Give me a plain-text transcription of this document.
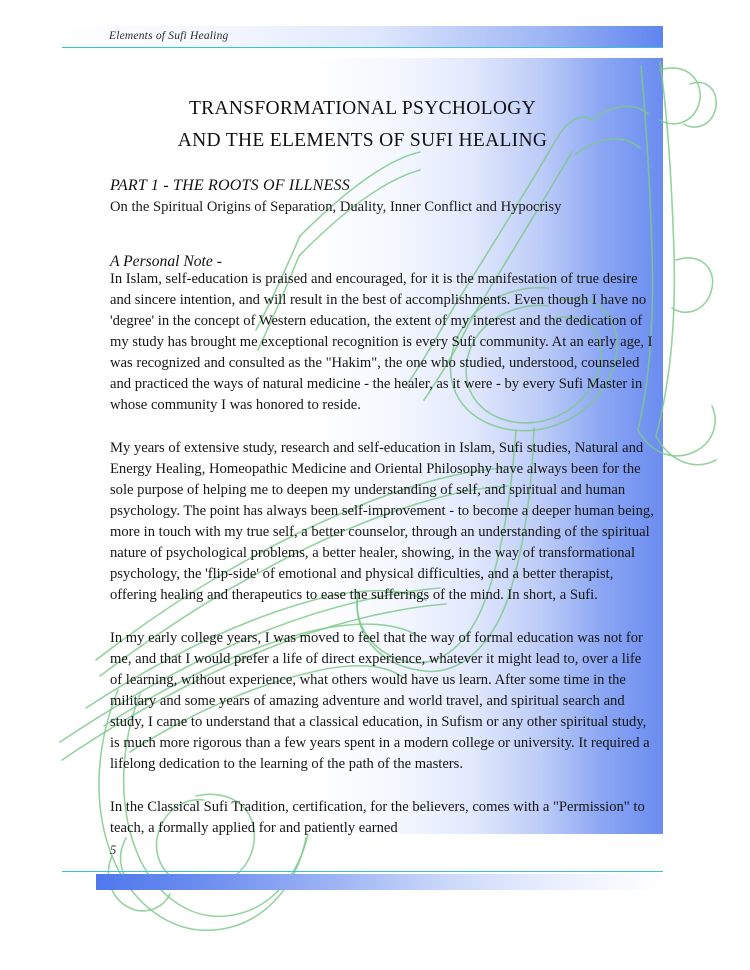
Elements of Sufi Healing
TRANSFORMATIONAL PSYCHOLOGY
AND THE ELEMENTS OF SUFI HEALING
PART 1 - THE ROOTS OF ILLNESS
On the Spiritual Origins of Separation, Duality, Inner Conflict and Hypocrisy
A Personal Note -
In Islam, self-education is praised and encouraged, for it is the manifestation of true desire and sincere intention, and will result in the best of accomplishments. Even though I have no 'degree' in the concept of Western education, the extent of my interest and the dedication of my study has brought me exceptional recognition is every Sufi community. At an early age, I was recognized and consulted as the "Hakim", the one who studied, understood, counseled and practiced the ways of natural medicine - the healer, as it were - by every Sufi Master in whose community I was honored to reside.
My years of extensive study, research and self-education in Islam, Sufi studies, Natural and Energy Healing, Homeopathic Medicine and Oriental Philosophy have always been for the sole purpose of helping me to deepen my understanding of self, and spiritual and human psychology. The point has always been self-improvement - to become a deeper human being, more in touch with my true self, a better counselor, through an understanding of the spiritual nature of psychological problems, a better healer, showing, in the way of transformational psychology, the 'flip-side' of emotional and physical difficulties, and a better therapist, offering healing and therapeutics to ease the sufferings of the mind. In short, a Sufi.
In my early college years, I was moved to feel that the way of formal education was not for me, and that I would prefer a life of direct experience, whatever it might lead to, over a life of learning, without experience, what others would have us learn. After some time in the military and some years of amazing adventure and world travel, and spiritual search and study, I came to understand that a classical education, in Sufism or any other spiritual study, is much more rigorous than a few years spent in a modern college or university. It required a lifelong dedication to the learning of the path of the masters.
In the Classical Sufi Tradition, certification, for the believers, comes with a "Permission" to teach, a formally applied for and patiently earned
5
